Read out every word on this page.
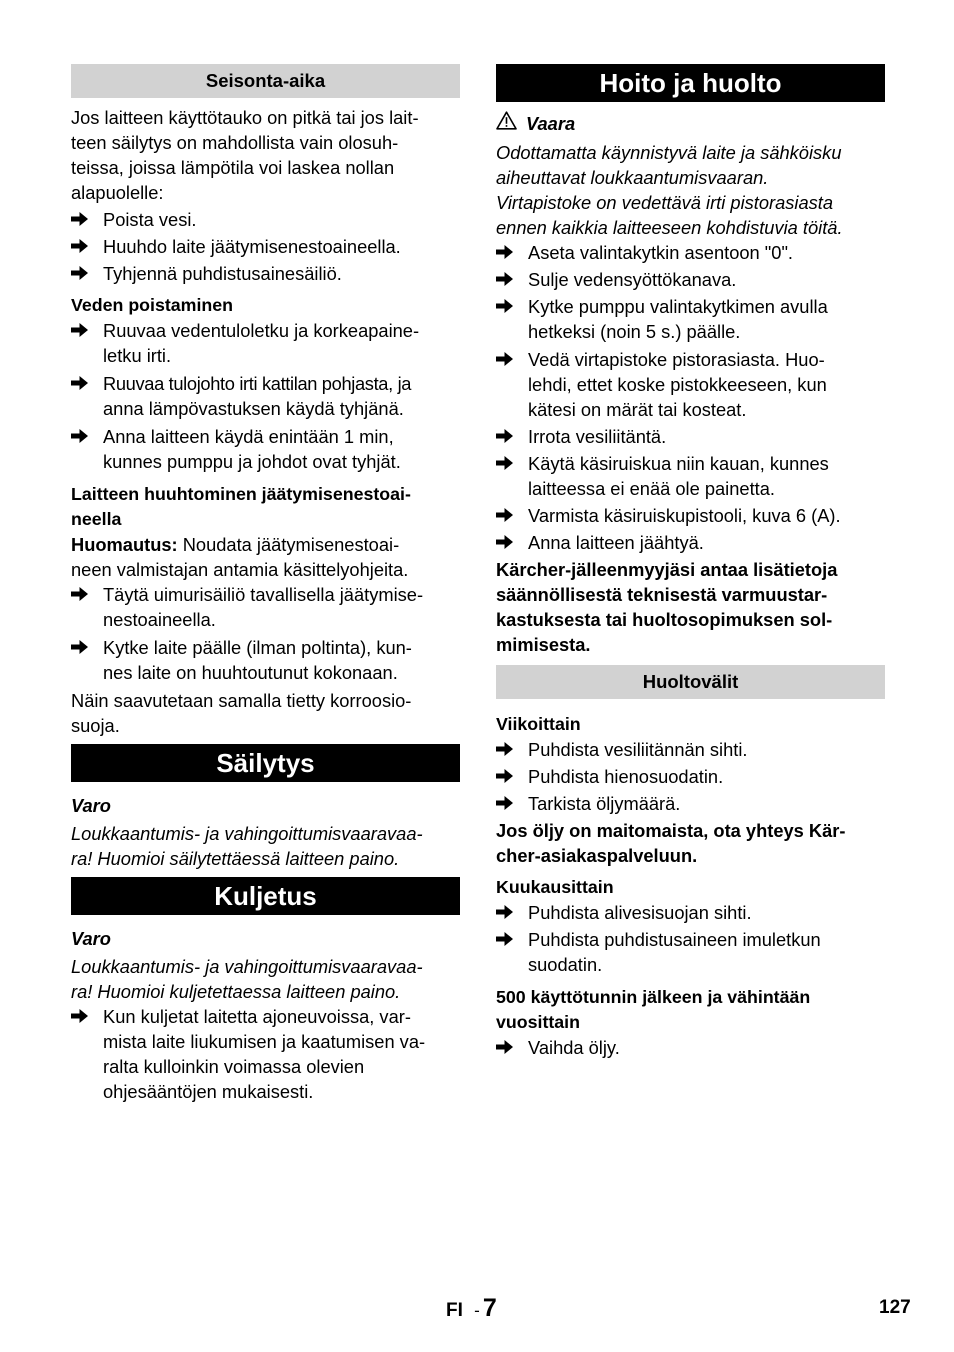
Seisonta-aika

Jos laitteen käyttötauko on pitkä tai jos lait-

teen säilytys on mahdollista vain olosuh-

teissa, joissa lämpötila voi laskea nollan

alapuolelle:

Poista vesi.
Huuhdo laite jäätymisenestoaineella.
Tyhjennä puhdistusainesäiliö.

Veden poistaminen

Ruuvaa vedentuloletku ja korkeapaine-
letku irti.
Ruuvaa tulojohto irti kattilan pohjasta, ja
anna lämpövastuksen käydä tyhjänä.
Anna laitteen käydä enintään 1 min,
kunnes pumppu ja johdot ovat tyhjät.

Laitteen huuhtominen jäätymisenestoai-

neella

Huomautus: Noudata jäätymisenestoai-

neen valmistajan antamia käsittelyohjeita.

Täytä uimurisäiliö tavallisella jäätymise-
nestoaineella.
Kytke laite päälle (ilman poltinta), kun-
nes laite on huuhtoutunut kokonaan.

Näin saavutetaan samalla tietty korroosio-

suoja.

Säilytys

Varo

Loukkaantumis- ja vahingoittumisvaaravaa-

ra! Huomioi säilytettäessä laitteen paino.

Kuljetus

Varo

Loukkaantumis- ja vahingoittumisvaaravaa-

ra! Huomioi kuljetettaessa laitteen paino.

Kun kuljetat laitetta ajoneuvoissa, var-
mista laite liukumisen ja kaatumisen va-
ralta kulloinkin voimassa olevien
ohjesääntöjen mukaisesti.
Hoito ja huolto
Vaara

Odottamatta käynnistyvä laite ja sähköisku

aiheuttavat loukkaantumisvaaran.

Virtapistoke on vedettävä irti pistorasiasta

ennen kaikkia laitteeseen kohdistuvia töitä.

Aseta valintakytkin asentoon "0".
Sulje vedensyöttökanava.
Kytke pumppu valintakytkimen avulla
hetkeksi (noin 5 s.) päälle.
Vedä virtapistoke pistorasiasta. Huo-
lehdi, ettet koske pistokkeeseen, kun
kätesi on märät tai kosteat.
Irrota vesiliitäntä.
Käytä käsiruiskua niin kauan, kunnes
laitteessa ei enää ole painetta.
Varmista käsiruiskupistooli, kuva 6 (A).
Anna laitteen jäähtyä.

Kärcher-jälleenmyyjäsi antaa lisätietoja

säännöllisestä teknisestä varmuustar-

kastuksesta tai huoltosopimuksen sol-

mimisesta.

Huoltovälit

Viikoittain

Puhdista vesiliitännän sihti.
Puhdista hienosuodatin.
Tarkista öljymäärä.

Jos öljy on maitomaista, ota yhteys Kär-

cher-asiakaspalveluun.

Kuukausittain

Puhdista alivesisuojan sihti.
Puhdista puhdistusaineen imuletkun
suodatin.

500 käyttötunnin jälkeen ja vähintään

vuosittain

Vaihda öljy.
FI - 7	127
